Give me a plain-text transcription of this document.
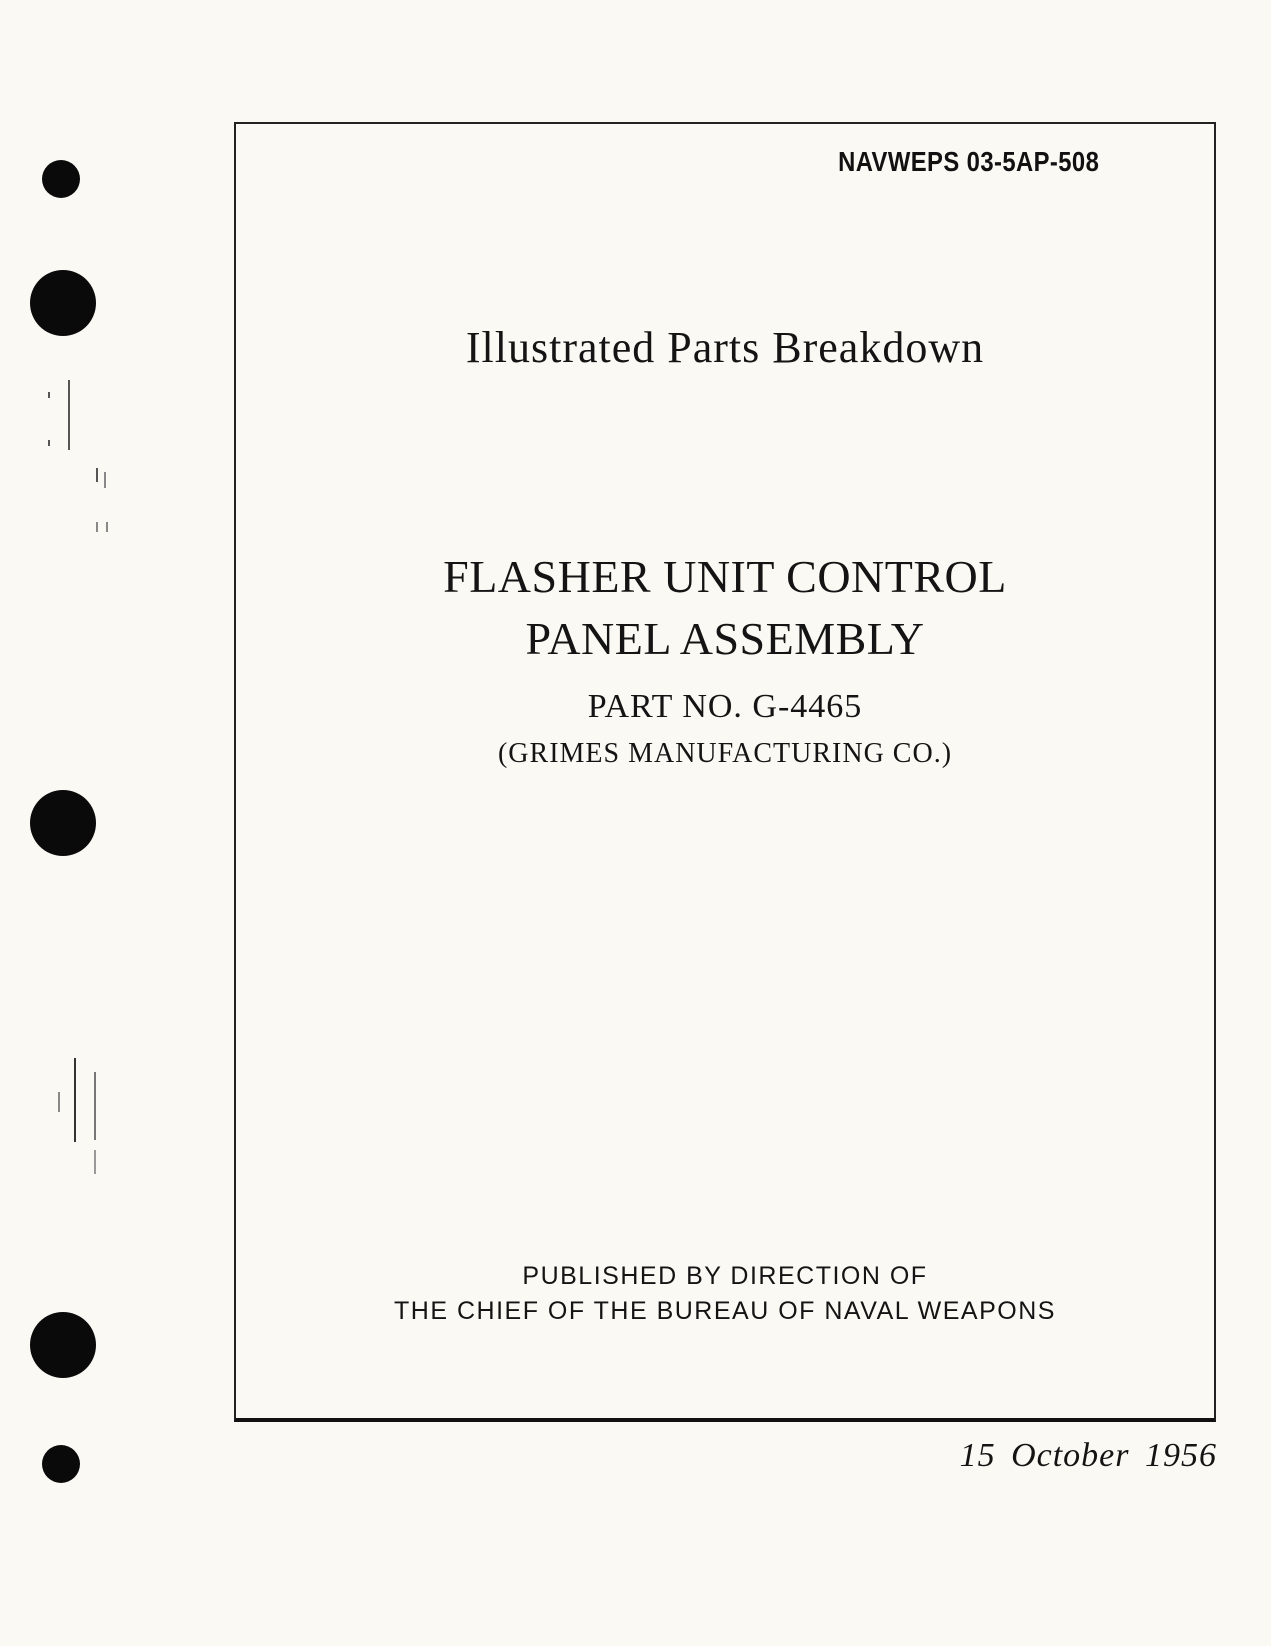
NAVWEPS 03-5AP-508
Illustrated Parts Breakdown
FLASHER UNIT CONTROL
PANEL ASSEMBLY
PART NO. G-4465
(GRIMES MANUFACTURING CO.)
PUBLISHED BY DIRECTION OF
THE CHIEF OF THE BUREAU OF NAVAL WEAPONS
15 October 1956
